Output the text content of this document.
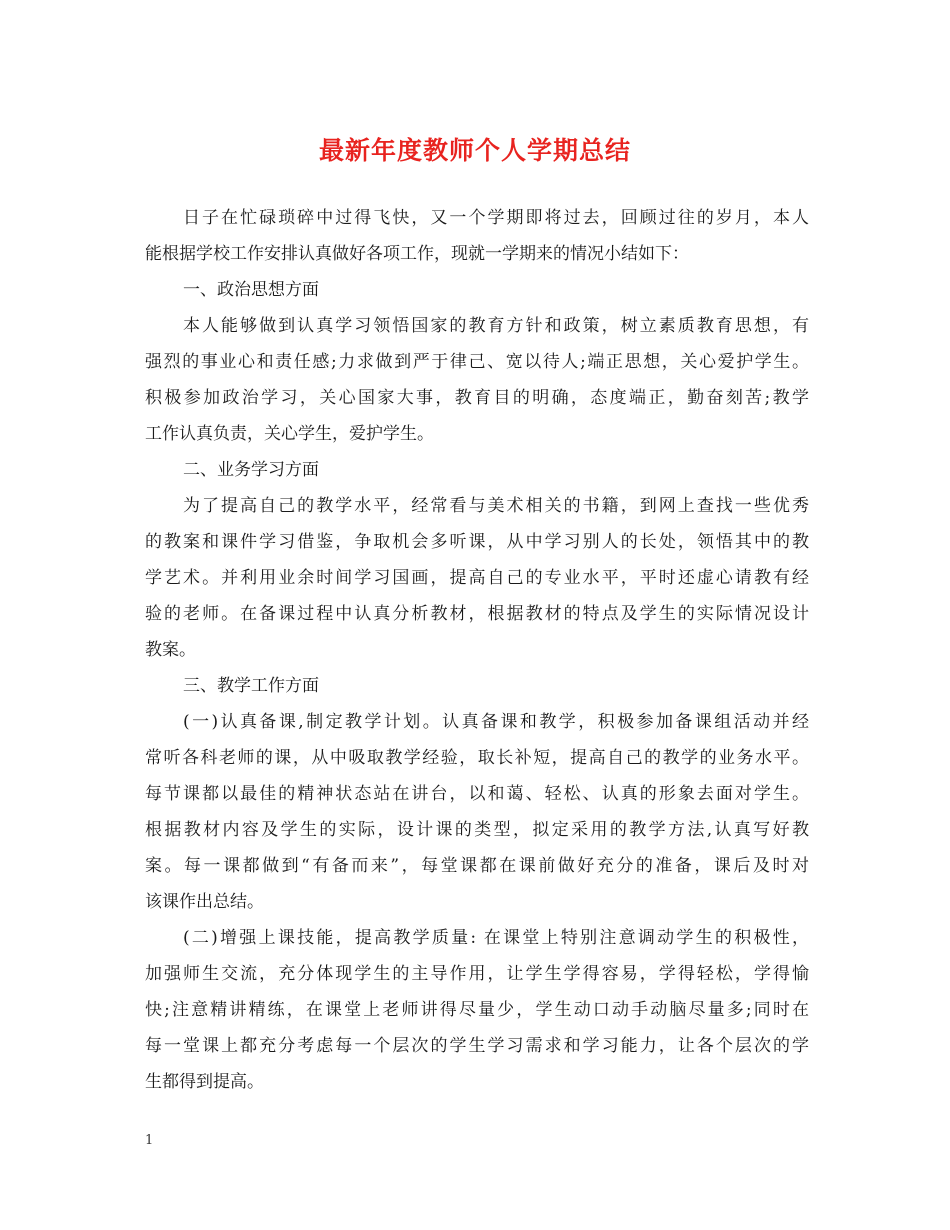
最新年度教师个人学期总结
日子在忙碌琐碎中过得飞快，又一个学期即将过去，回顾过往的岁月，本人
能根据学校工作安排认真做好各项工作，现就一学期来的情况小结如下：
一、政治思想方面
本人能够做到认真学习领悟国家的教育方针和政策，树立素质教育思想，有
强烈的事业心和责任感;力求做到严于律己、宽以待人;端正思想，关心爱护学生。
积极参加政治学习，关心国家大事，教育目的明确，态度端正，勤奋刻苦;教学
工作认真负责，关心学生，爱护学生。
二、业务学习方面
为了提高自己的教学水平，经常看与美术相关的书籍，到网上查找一些优秀
的教案和课件学习借鉴，争取机会多听课，从中学习别人的长处，领悟其中的教
学艺术。并利用业余时间学习国画，提高自己的专业水平，平时还虚心请教有经
验的老师。在备课过程中认真分析教材，根据教材的特点及学生的实际情况设计
教案。
三、教学工作方面
(一)认真备课,制定教学计划。认真备课和教学，积极参加备课组活动并经
常听各科老师的课，从中吸取教学经验，取长补短，提高自己的教学的业务水平。
每节课都以最佳的精神状态站在讲台，以和蔼、轻松、认真的形象去面对学生。
根据教材内容及学生的实际，设计课的类型，拟定采用的教学方法,认真写好教
案。每一课都做到“有备而来”，每堂课都在课前做好充分的准备，课后及时对
该课作出总结。
(二)增强上课技能，提高教学质量: 在课堂上特别注意调动学生的积极性，
加强师生交流，充分体现学生的主导作用，让学生学得容易，学得轻松，学得愉
快;注意精讲精练，在课堂上老师讲得尽量少，学生动口动手动脑尽量多;同时在
每一堂课上都充分考虑每一个层次的学生学习需求和学习能力，让各个层次的学
生都得到提高。
1
